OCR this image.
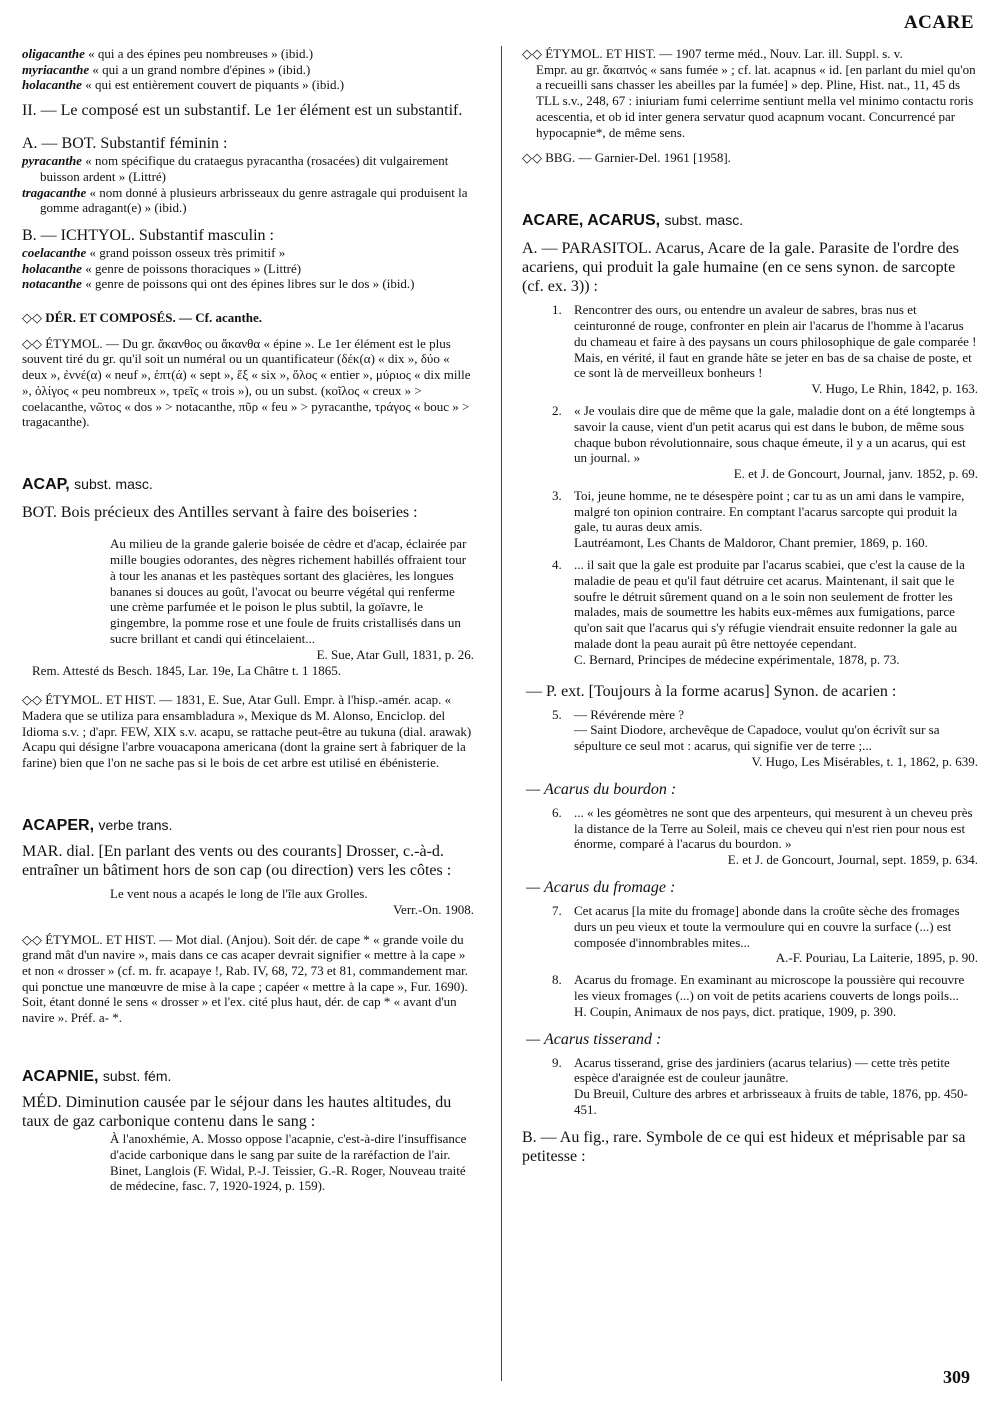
ACARE

oligacanthe « qui a des épines peu nombreuses » (ibid.)

myriacanthe « qui a un grand nombre d'épines » (ibid.)

holacanthe « qui est entièrement couvert de piquants » (ibid.)

II. — Le composé est un substantif. Le 1er élément est un substantif.

A. — BOT. Substantif féminin :

pyracanthe « nom spécifique du crataegus pyracantha (rosacées) dit vulgairement buisson ardent » (Littré)

tragacanthe « nom donné à plusieurs arbrisseaux du genre astragale qui produisent la gomme adragant(e) » (ibid.)

B. — ICHTYOL. Substantif masculin :

coelacanthe « grand poisson osseux très primitif »

holacanthe « genre de poissons thoraciques » (Littré)

notacanthe « genre de poissons qui ont des épines libres sur le dos » (ibid.)

◇◇ DÉR. ET COMPOSÉS. — Cf. acanthe.

◇◇ ÉTYMOL. — Du gr. ἄκανθος ou ἄκανθα « épine ». Le 1er élément est le plus souvent tiré du gr. qu'il soit un numéral ou un quantificateur (δέκ(α) « dix », δύο « deux », ἐννέ(α) « neuf », ἑπτ(ά) « sept », ἕξ « six », ὅλος « entier », μύριος « dix mille », ὀλίγος « peu nombreux », τρεῖς « trois »), ou un subst. (κοῖλος « creux » > coelacanthe, νῶτος « dos » > notacanthe, πῦρ « feu » > pyracanthe, τράγος « bouc » > tragacanthe).

ACAP, subst. masc.

BOT. Bois précieux des Antilles servant à faire des boiseries :

Au milieu de la grande galerie boisée de cèdre et d'acap, éclairée par mille bougies odorantes, des nègres richement habillés offraient tour à tour les ananas et les pastèques sortant des glacières, les longues bananes si douces au goût, l'avocat ou beurre végétal qui renferme une crème parfumée et le poison le plus subtil, la goïavre, le gingembre, la pomme rose et une foule de fruits cristallisés dans un sucre brillant et candi qui étincelaient...

E. Sue, Atar Gull, 1831, p. 26.

Rem. Attesté ds Besch. 1845, Lar. 19e, La Châtre t. 1 1865.

◇◇ ÉTYMOL. ET HIST. — 1831, E. Sue, Atar Gull. Empr. à l'hisp.-amér. acap. « Madera que se utiliza para ensambladura », Mexique ds M. Alonso, Enciclop. del Idioma s.v. ; d'apr. FEW, XIX s.v. acapu, se rattache peut-être au tukuna (dial. arawak) Acapu qui désigne l'arbre vouacapona americana (dont la graine sert à fabriquer de la farine) bien que l'on ne sache pas si le bois de cet arbre est utilisé en ébénisterie.

ACAPER, verbe trans.

MAR. dial. [En parlant des vents ou des courants] Drosser, c.-à-d. entraîner un bâtiment hors de son cap (ou direction) vers les côtes :

Le vent nous a acapés le long de l'île aux Grolles.

Verr.-On. 1908.

◇◇ ÉTYMOL. ET HIST. — Mot dial. (Anjou). Soit dér. de cape * « grande voile du grand mât d'un navire », mais dans ce cas acaper devrait signifier « mettre à la cape » et non « drosser » (cf. m. fr. acapaye !, Rab. IV, 68, 72, 73 et 81, commandement mar. qui ponctue une manœuvre de mise à la cape ; capéer « mettre à la cape », Fur. 1690). Soit, étant donné le sens « drosser » et l'ex. cité plus haut, dér. de cap * « avant d'un navire ». Préf. a- *.

ACAPNIE, subst. fém.

MÉD. Diminution causée par le séjour dans les hautes altitudes, du taux de gaz carbonique contenu dans le sang :

À l'anoxhémie, A. Mosso oppose l'acapnie, c'est-à-dire l'insuffisance d'acide carbonique dans le sang par suite de la raréfaction de l'air.

Binet, Langlois (F. Widal, P.-J. Teissier, G.-R. Roger, Nouveau traité de médecine, fasc. 7, 1920-1924, p. 159).

◇◇ ÉTYMOL. ET HIST. — 1907 terme méd., Nouv. Lar. ill. Suppl. s. v.

Empr. au gr. ἄκαπνός « sans fumée » ; cf. lat. acapnus « id. [en parlant du miel qu'on a recueilli sans chasser les abeilles par la fumée] » dep. Pline, Hist. nat., 11, 45 ds TLL s.v., 248, 67 : iniuriam fumi celerrime sentiunt mella vel minimo contactu roris acescentia, et ob id inter genera servatur quod acapnum vocant. Concurrencé par hypocapnie*, de même sens.

◇◇ BBG. — Garnier-Del. 1961 [1958].

ACARE, ACARUS, subst. masc.

A. — PARASITOL. Acarus, Acare de la gale. Parasite de l'ordre des acariens, qui produit la gale humaine (en ce sens synon. de sarcopte (cf. ex. 3)) :

1. Rencontrer des ours, ou entendre un avaleur de sabres, bras nus et ceinturonné de rouge, confronter en plein air l'acarus de l'homme à l'acarus du chameau et faire à des paysans un cours philosophique de gale comparée ! Mais, en vérité, il faut en grande hâte se jeter en bas de sa chaise de poste, et ce sont là de merveilleux bonheurs !

V. Hugo, Le Rhin, 1842, p. 163.

2. « Je voulais dire que de même que la gale, maladie dont on a été longtemps à savoir la cause, vient d'un petit acarus qui est dans le bubon, de même sous chaque bubon révolutionnaire, sous chaque émeute, il y a un acarus, qui est un journal. »

E. et J. de Goncourt, Journal, janv. 1852, p. 69.

3. Toi, jeune homme, ne te désespère point ; car tu as un ami dans le vampire, malgré ton opinion contraire. En comptant l'acarus sarcopte qui produit la gale, tu auras deux amis.

Lautréamont, Les Chants de Maldoror, Chant premier, 1869, p. 160.

4. ... il sait que la gale est produite par l'acarus scabiei, que c'est la cause de la maladie de peau et qu'il faut détruire cet acarus. Maintenant, il sait que le soufre le détruit sûrement quand on a le soin non seulement de frotter les malades, mais de soumettre les habits eux-mêmes aux fumigations, parce qu'on sait que l'acarus qui s'y réfugie viendrait ensuite redonner la gale au malade dont la peau aurait pû être nettoyée cependant.

C. Bernard, Principes de médecine expérimentale, 1878, p. 73.

— P. ext. [Toujours à la forme acarus] Synon. de acarien :

5. — Révérende mère ?

— Saint Diodore, archevêque de Capadoce, voulut qu'on écrivît sur sa sépulture ce seul mot : acarus, qui signifie ver de terre ;...

V. Hugo, Les Misérables, t. 1, 1862, p. 639.

— Acarus du bourdon :

6. ... « les géomètres ne sont que des arpenteurs, qui mesurent à un cheveu près la distance de la Terre au Soleil, mais ce cheveu qui n'est rien pour nous est énorme, comparé à l'acarus du bourdon. »

E. et J. de Goncourt, Journal, sept. 1859, p. 634.

— Acarus du fromage :

7. Cet acarus [la mite du fromage] abonde dans la croûte sèche des fromages durs un peu vieux et toute la vermoulure qui en couvre la surface (...) est composée d'innombrables mites...

A.-F. Pouriau, La Laiterie, 1895, p. 90.

8. Acarus du fromage. En examinant au microscope la poussière qui recouvre les vieux fromages (...) on voit de petits acariens couverts de longs poils...

H. Coupin, Animaux de nos pays, dict. pratique, 1909, p. 390.

— Acarus tisserand :

9. Acarus tisserand, grise des jardiniers (acarus telarius) — cette très petite espèce d'araignée est de couleur jaunâtre.

Du Breuil, Culture des arbres et arbrisseaux à fruits de table, 1876, pp. 450-451.

B. — Au fig., rare. Symbole de ce qui est hideux et méprisable par sa petitesse :

309
